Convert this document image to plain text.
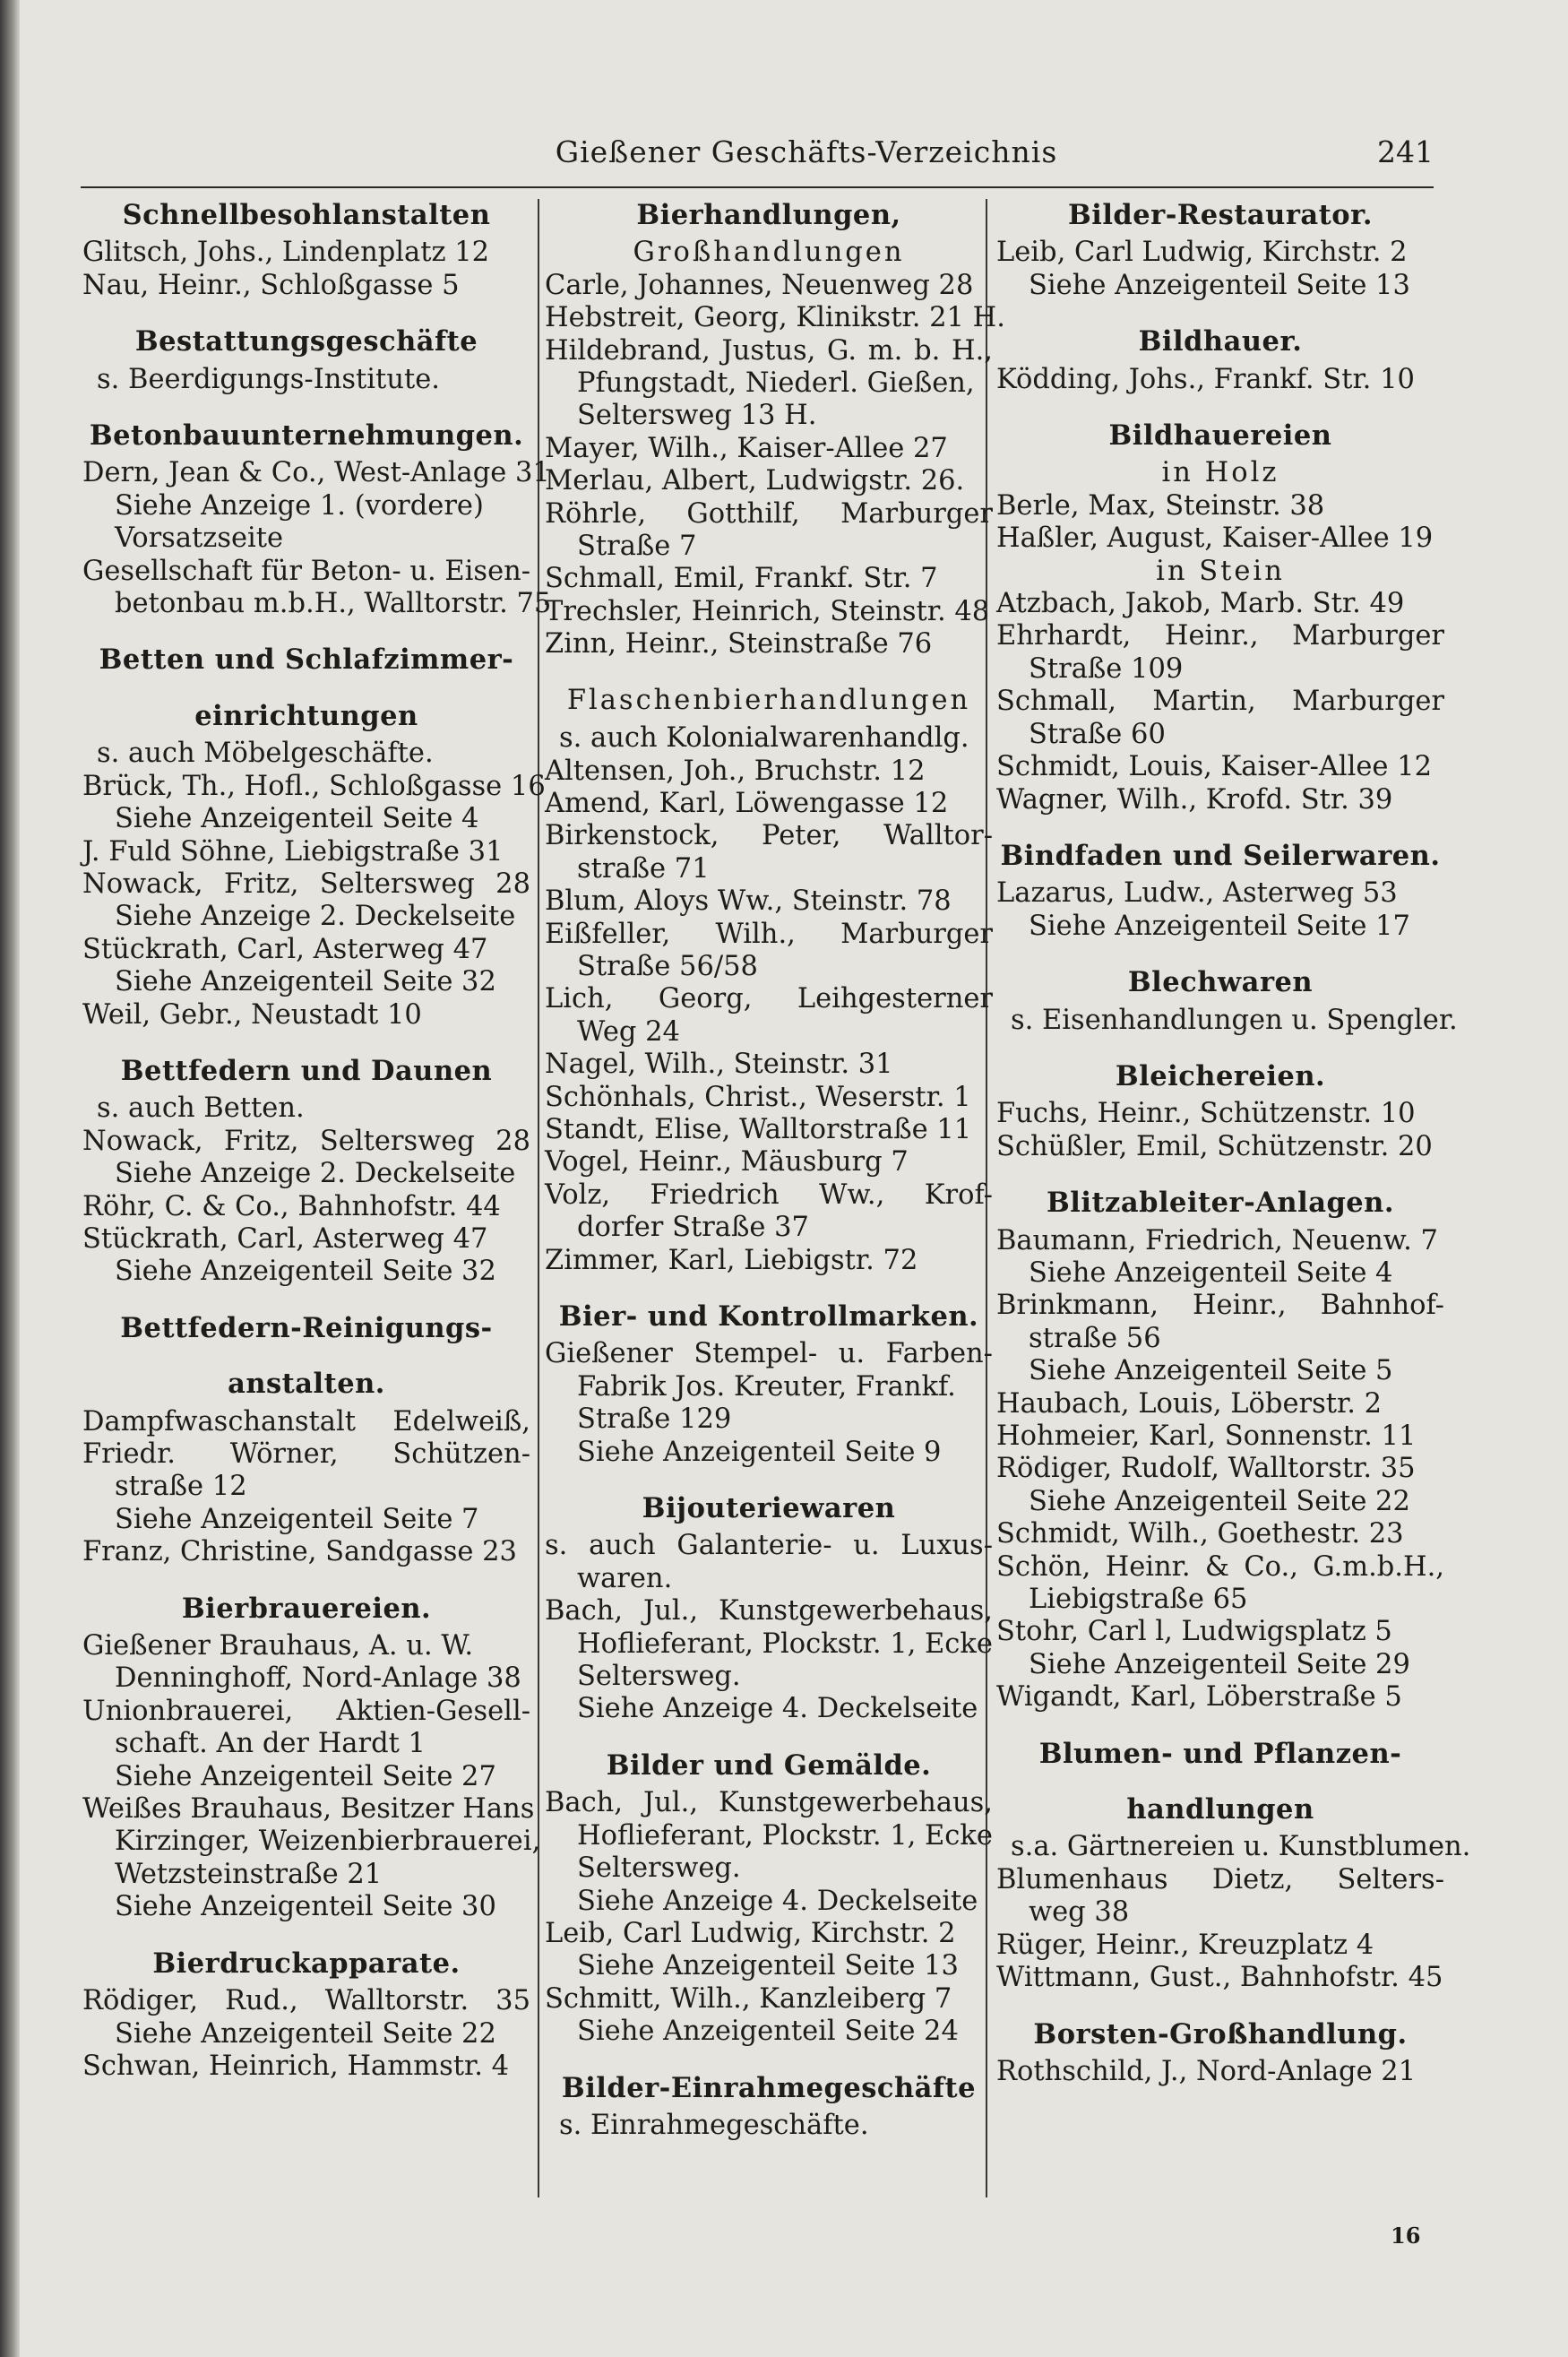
Gießener Geschäfts-Verzeichnis	241

Schnellbesohlanstalten

Glitsch, Johs., Lindenplatz 12

Nau, Heinr., Schloßgasse 5

Bestattungsgeschäfte

s. Beerdigungs-Institute.

Betonbauunternehmungen.

Dern, Jean & Co., West-Anlage 31

Siehe Anzeige 1. (vordere)

Vorsatzseite

Gesellschaft für Beton- u. Eisen-

betonbau m.b.H., Walltorstr. 75

Betten und Schlafzimmer-

einrichtungen

s. auch Möbelgeschäfte.

Brück, Th., Hofl., Schloßgasse 16

Siehe Anzeigenteil Seite 4

J. Fuld Söhne, Liebigstraße 31

Nowack, Fritz, Seltersweg 28

Siehe Anzeige 2. Deckelseite

Stückrath, Carl, Asterweg 47

Siehe Anzeigenteil Seite 32

Weil, Gebr., Neustadt 10

Bettfedern und Daunen

s. auch Betten.

Nowack, Fritz, Seltersweg 28

Siehe Anzeige 2. Deckelseite

Röhr, C. & Co., Bahnhofstr. 44

Stückrath, Carl, Asterweg 47

Siehe Anzeigenteil Seite 32

Bettfedern-Reinigungs-

anstalten.

Dampfwaschanstalt Edelweiß,

Friedr. Wörner, Schützen-

straße 12

Siehe Anzeigenteil Seite 7

Franz, Christine, Sandgasse 23

Bierbrauereien.

Gießener Brauhaus, A. u. W.

Denninghoff, Nord-Anlage 38

Unionbrauerei, Aktien-Gesell-

schaft. An der Hardt 1

Siehe Anzeigenteil Seite 27

Weißes Brauhaus, Besitzer Hans

Kirzinger, Weizenbierbrauerei,

Wetzsteinstraße 21

Siehe Anzeigenteil Seite 30

Bierdruckapparate.

Rödiger, Rud., Walltorstr. 35

Siehe Anzeigenteil Seite 22

Schwan, Heinrich, Hammstr. 4

Bierhandlungen,

Großhandlungen

Carle, Johannes, Neuenweg 28

Hebstreit, Georg, Klinikstr. 21 H.

Hildebrand, Justus, G. m. b. H.,

Pfungstadt, Niederl. Gießen,

Seltersweg 13 H.

Mayer, Wilh., Kaiser-Allee 27

Merlau, Albert, Ludwigstr. 26.

Röhrle, Gotthilf, Marburger

Straße 7

Schmall, Emil, Frankf. Str. 7

Trechsler, Heinrich, Steinstr. 48

Zinn, Heinr., Steinstraße 76

Flaschenbierhandlungen

s. auch Kolonialwarenhandlg.

Altensen, Joh., Bruchstr. 12

Amend, Karl, Löwengasse 12

Birkenstock, Peter, Walltor-

straße 71

Blum, Aloys Ww., Steinstr. 78

Eißfeller, Wilh., Marburger

Straße 56/58

Lich, Georg, Leihgesterner

Weg 24

Nagel, Wilh., Steinstr. 31

Schönhals, Christ., Weserstr. 1

Standt, Elise, Walltorstraße 11

Vogel, Heinr., Mäusburg 7

Volz, Friedrich Ww., Krof-

dorfer Straße 37

Zimmer, Karl, Liebigstr. 72

Bier- und Kontrollmarken.

Gießener Stempel- u. Farben-

Fabrik Jos. Kreuter, Frankf.

Straße 129

Siehe Anzeigenteil Seite 9

Bijouteriewaren

s. auch Galanterie- u. Luxus-

waren.

Bach, Jul., Kunstgewerbehaus,

Hoflieferant, Plockstr. 1, Ecke

Seltersweg.

Siehe Anzeige 4. Deckelseite

Bilder und Gemälde.

Bach, Jul., Kunstgewerbehaus,

Hoflieferant, Plockstr. 1, Ecke

Seltersweg.

Siehe Anzeige 4. Deckelseite

Leib, Carl Ludwig, Kirchstr. 2

Siehe Anzeigenteil Seite 13

Schmitt, Wilh., Kanzleiberg 7

Siehe Anzeigenteil Seite 24

Bilder-Einrahmegeschäfte

s. Einrahmegeschäfte.

Bilder-Restaurator.

Leib, Carl Ludwig, Kirchstr. 2

Siehe Anzeigenteil Seite 13

Bildhauer.

Ködding, Johs., Frankf. Str. 10

Bildhauereien

in Holz

Berle, Max, Steinstr. 38

Haßler, August, Kaiser-Allee 19

in Stein

Atzbach, Jakob, Marb. Str. 49

Ehrhardt, Heinr., Marburger

Straße 109

Schmall, Martin, Marburger

Straße 60

Schmidt, Louis, Kaiser-Allee 12

Wagner, Wilh., Krofd. Str. 39

Bindfaden und Seilerwaren.

Lazarus, Ludw., Asterweg 53

Siehe Anzeigenteil Seite 17

Blechwaren

s. Eisenhandlungen u. Spengler.

Bleichereien.

Fuchs, Heinr., Schützenstr. 10

Schüßler, Emil, Schützenstr. 20

Blitzableiter-Anlagen.

Baumann, Friedrich, Neuenw. 7

Siehe Anzeigenteil Seite 4

Brinkmann, Heinr., Bahnhof-

straße 56

Siehe Anzeigenteil Seite 5

Haubach, Louis, Löberstr. 2

Hohmeier, Karl, Sonnenstr. 11

Rödiger, Rudolf, Walltorstr. 35

Siehe Anzeigenteil Seite 22

Schmidt, Wilh., Goethestr. 23

Schön, Heinr. & Co., G.m.b.H.,

Liebigstraße 65

Stohr, Carl l, Ludwigsplatz 5

Siehe Anzeigenteil Seite 29

Wigandt, Karl, Löberstraße 5

Blumen- und Pflanzen-

handlungen

s.a. Gärtnereien u. Kunstblumen.

Blumenhaus Dietz, Selters-

weg 38

Rüger, Heinr., Kreuzplatz 4

Wittmann, Gust., Bahnhofstr. 45

Borsten-Großhandlung.

Rothschild, J., Nord-Anlage 21

16
